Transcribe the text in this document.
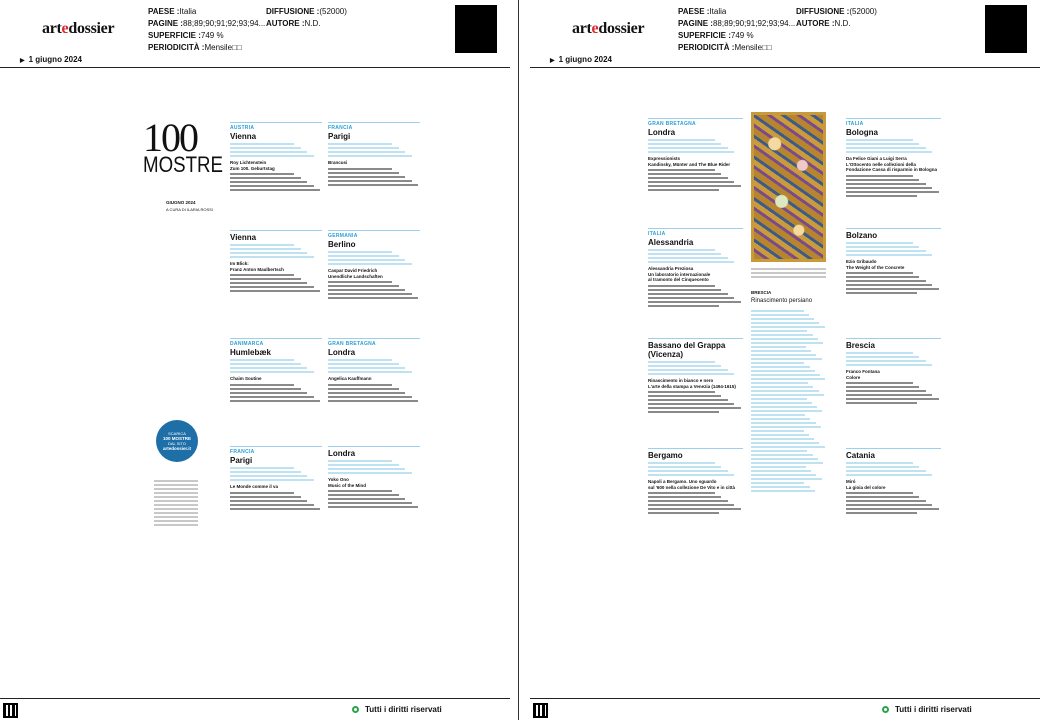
artedossier
PAESE :Italia
PAGINE :88;89;90;91;92;93;94...
SUPERFICIE :749 %
PERIODICITÀ :Mensile□□
DIFFUSIONE :(52000)
AUTORE :N.D.
▶ 1 giugno 2024
100
MOSTRE
GIUGNO 2024
A CURA DI ILARIA ROSSI
SCARICA
100 MOSTRE
DAL SITO
artedossier.it
AUSTRIA
Vienna
Roy Lichtenstein
Zum 100. Geburtstag
Vienna
Im Blick:
Franz Anton Maulbertsch
DANIMARCA
Humlebæk
Chaim Soutine
FRANCIA
Parigi
Le Monde comme il va
FRANCIA
Parigi
Brancusi
GERMANIA
Berlino
Caspar David Friedrich
Unendliche Landschaften
GRAN BRETAGNA
Londra
Angelica Kauffmann
Londra
Yoko Ono
Music of the Mind
Tutti i diritti riservati
artedossier
PAESE :Italia
PAGINE :88;89;90;91;92;93;94...
SUPERFICIE :749 %
PERIODICITÀ :Mensile□□
DIFFUSIONE :(52000)
AUTORE :N.D.
▶ 1 giugno 2024
GRAN BRETAGNA
Londra
Expressionists
Kandinsky, Münter and The Blue Rider
ITALIA
Alessandria
Alessandria Preziosa
Un laboratorio internazionale
al tramonto del Cinquecento
Bassano del Grappa (Vicenza)
Rinascimento in bianco e nero
L'arte della stampa a Venezia (1494-1615)
Bergamo
Napoli a Bergamo. Uno sguardo
sul '600 nella collezione De Vito e in città
BRESCIA
Rinascimento persiano
ITALIA
Bologna
Da Felice Giani a Luigi Serra
L'Ottocento nelle collezioni della
Fondazione Cassa di risparmio in Bologna
Bolzano
Ezio Gribaudo
The Weight of the Concrete
Brescia
Franco Fontana
Colore
Catania
Miró
La gioia del colore
Tutti i diritti riservati
